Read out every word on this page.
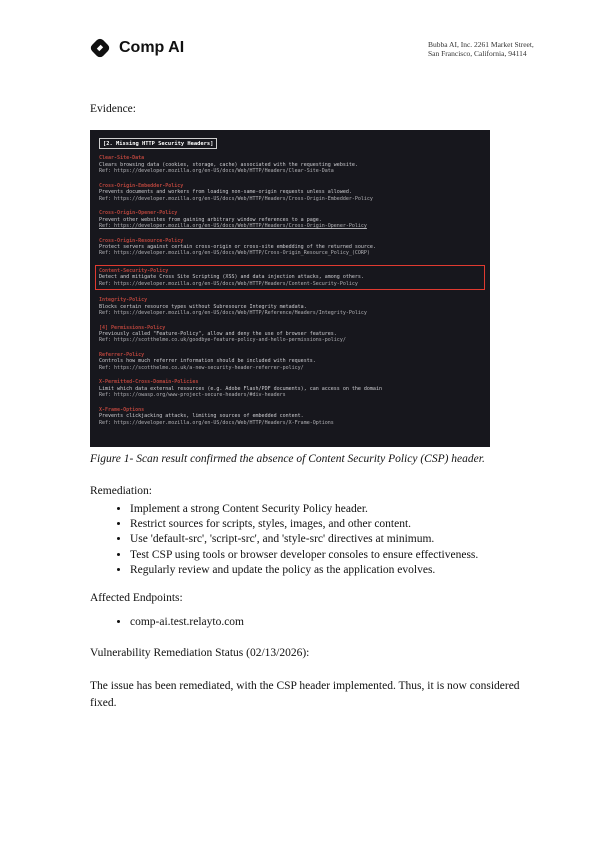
Comp AI	Bubba AI, Inc. 2261 Market Street,
San Francisco, California, 94114
Evidence:
[2. Missing HTTP Security Headers]
Clear-Site-Data
Clears browsing data (cookies, storage, cache) associated with the requesting website.
Ref: https://developer.mozilla.org/en-US/docs/Web/HTTP/Headers/Clear-Site-Data
Cross-Origin-Embedder-Policy
Prevents documents and workers from loading non-same-origin requests unless allowed.
Ref: https://developer.mozilla.org/en-US/docs/Web/HTTP/Headers/Cross-Origin-Embedder-Policy
Cross-Origin-Opener-Policy
Prevent other websites from gaining arbitrary window references to a page.
Ref: https://developer.mozilla.org/en-US/docs/Web/HTTP/Headers/Cross-Origin-Opener-Policy
Cross-Origin-Resource-Policy
Protect servers against certain cross-origin or cross-site embedding of the returned source.
Ref: https://developer.mozilla.org/en-US/docs/Web/HTTP/Cross-Origin_Resource_Policy_(CORP)
Content-Security-Policy
Detect and mitigate Cross Site Scripting (XSS) and data injection attacks, among others.
Ref: https://developer.mozilla.org/en-US/docs/Web/HTTP/Headers/Content-Security-Policy
Integrity-Policy
Blocks certain resource types without Subresource Integrity metadata.
Ref: https://developer.mozilla.org/en-US/docs/Web/HTTP/Reference/Headers/Integrity-Policy
[4] Permissions-Policy
Previously called "Feature-Policy", allow and deny the use of browser features.
Ref: https://scotthelme.co.uk/goodbye-feature-policy-and-hello-permissions-policy/
Referrer-Policy
Controls how much referrer information should be included with requests.
Ref: https://scotthelme.co.uk/a-new-security-header-referrer-policy/
X-Permitted-Cross-Domain-Policies
Limit which data external resources (e.g. Adobe Flash/PDF documents), can access on the domain
Ref: https://owasp.org/www-project-secure-headers/#div-headers
X-Frame-Options
Prevents clickjacking attacks, limiting sources of embedded content.
Ref: https://developer.mozilla.org/en-US/docs/Web/HTTP/Headers/X-Frame-Options
Figure 1- Scan result confirmed the absence of Content Security Policy (CSP) header.
Remediation:
• Implement a strong Content Security Policy header.
• Restrict sources for scripts, styles, images, and other content.
• Use 'default-src', 'script-src', and 'style-src' directives at minimum.
• Test CSP using tools or browser developer consoles to ensure effectiveness.
• Regularly review and update the policy as the application evolves.
Affected Endpoints:
• comp-ai.test.relayto.com
Vulnerability Remediation Status (02/13/2026):
The issue has been remediated, with the CSP header implemented. Thus, it is now considered fixed.
